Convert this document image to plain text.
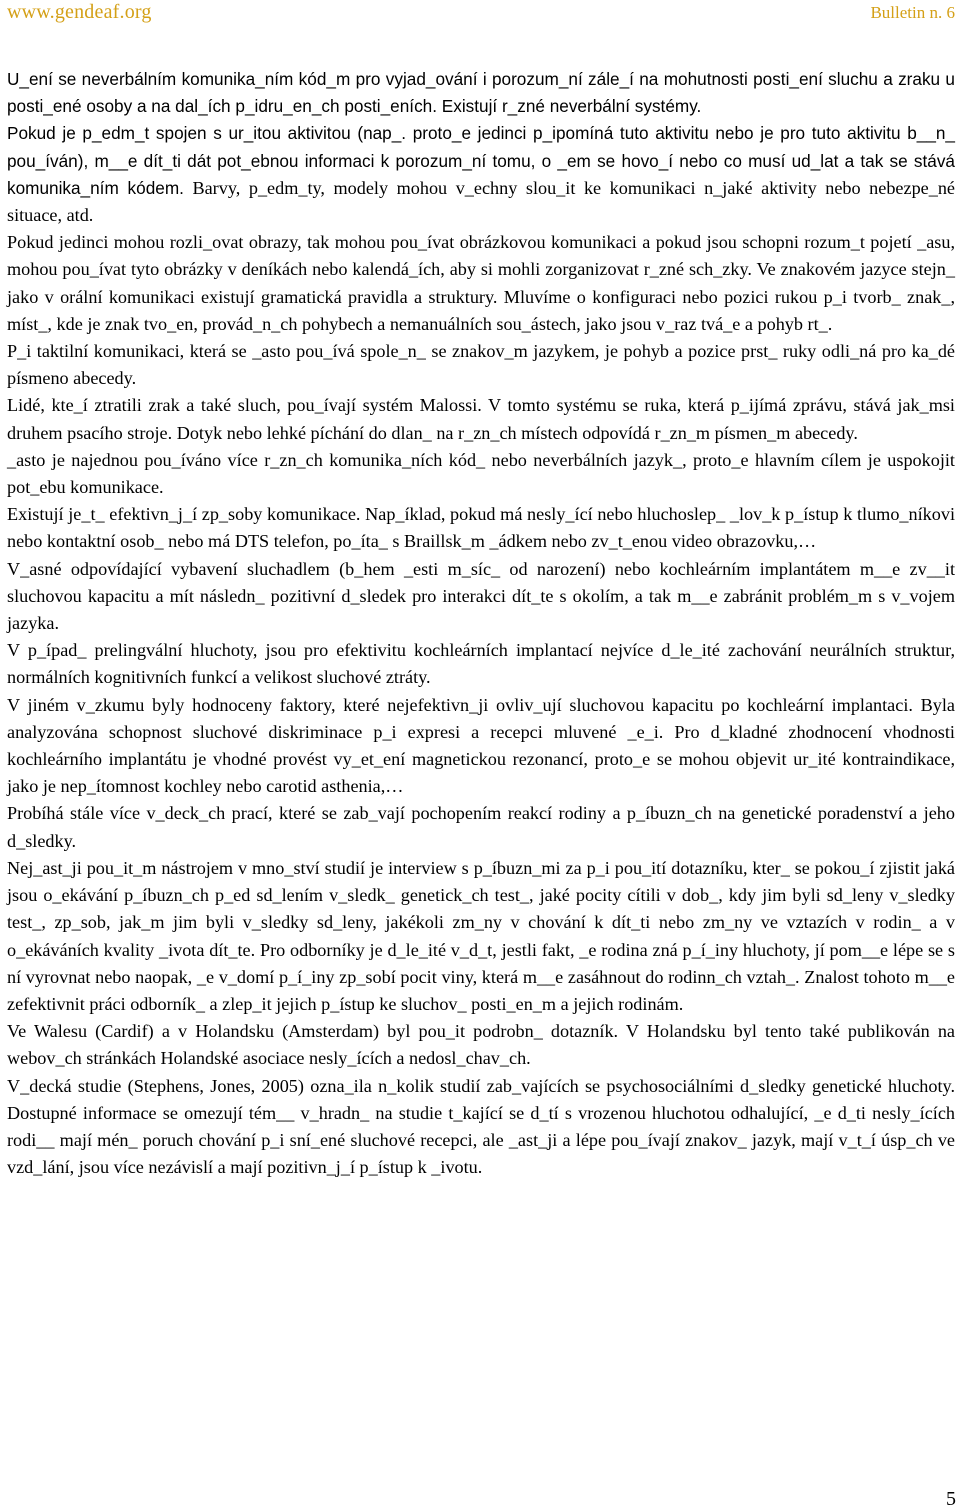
www.gendeaf.org	Bulletin n. 6

U_ení se neverbálním komunika_ním kód_m pro vyjad_ování i porozum_ní zále_í na mohutnosti posti_ení sluchu a zraku u posti_ené osoby a na dal_ích p_idru_en_ch posti_eních. Existují r_zné neverbální systémy.

Pokud je p_edm_t spojen s ur_itou aktivitou (nap_. proto_e jedinci p_ipomíná tuto aktivitu nebo je pro tuto aktivitu b__n_ pou_íván), m__e dít_ti dát pot_ebnou informaci k porozum_ní tomu, o _em se hovo_í nebo co musí ud_lat a tak se stává komunika_ním kódem. Barvy, p_edm_ty, modely mohou v_echny slou_it ke komunikaci n_jaké aktivity nebo nebezpe_né situace, atd.

Pokud jedinci mohou rozli_ovat obrazy, tak mohou pou_ívat obrázkovou komunikaci a pokud jsou schopni rozum_t pojetí _asu, mohou pou_ívat tyto obrázky v deníkách nebo kalendá_ích, aby si mohli zorganizovat r_zné sch_zky. Ve znakovém jazyce stejn_ jako v orální komunikaci existují gramatická pravidla a struktury. Mluvíme o konfiguraci nebo pozici rukou p_i tvorb_ znak_, míst_, kde je znak tvo_en, provád_n_ch pohybech a nemanuálních sou_ástech, jako jsou v_raz tvá_e a pohyb rt_.

P_i taktilní komunikaci, která se _asto pou_ívá spole_n_ se znakov_m jazykem, je pohyb a pozice prst_ ruky odli_ná pro ka_dé písmeno abecedy.

Lidé, kte_í ztratili zrak a také sluch, pou_ívají systém Malossi. V tomto systému se ruka, která p_ijímá zprávu, stává jak_msi druhem psacího stroje. Dotyk nebo lehké píchání do dlan_ na r_zn_ch místech odpovídá r_zn_m písmen_m abecedy.

_asto je najednou pou_íváno více r_zn_ch komunika_ních kód_ nebo neverbálních jazyk_, proto_e hlavním cílem je uspokojit pot_ebu komunikace.

Existují je_t_ efektivn_j_í zp_soby komunikace. Nap_íklad, pokud má nesly_ící nebo hluchoslep_ _lov_k p_ístup k tlumo_níkovi nebo kontaktní osob_ nebo má DTS telefon, po_íta_ s Braillsk_m _ádkem nebo zv_t_enou video obrazovku,…

V_asné odpovídající vybavení sluchadlem (b_hem _esti m_síc_ od narození) nebo kochleárním implantátem m__e zv__it sluchovou kapacitu a mít následn_ pozitivní d_sledek pro interakci dít_te s okolím, a tak m__e zabránit problém_m s v_vojem jazyka.

V p_ípad_ prelingvální hluchoty, jsou pro efektivitu kochleárních implantací nejvíce d_le_ité zachování neurálních struktur, normálních kognitivních funkcí a velikost sluchové ztráty.

V jiném v_zkumu byly hodnoceny faktory, které nejefektivn_ji ovliv_ují sluchovou kapacitu po kochleární implantaci. Byla analyzována schopnost sluchové diskriminace p_i expresi a recepci mluvené _e_i. Pro d_kladné zhodnocení vhodnosti kochleárního implantátu je vhodné provést vy_et_ení magnetickou rezonancí, proto_e se mohou objevit ur_ité kontraindikace, jako je nep_ítomnost kochley nebo carotid asthenia,…

Probíhá stále více v_deck_ch prací, které se zab_vají pochopením reakcí rodiny a p_íbuzn_ch na genetické poradenství a jeho d_sledky.

Nej_ast_ji pou_it_m nástrojem v mno_ství studií je interview s p_íbuzn_mi za p_i pou_ití dotazníku, kter_ se pokou_í zjistit jaká jsou o_ekávání p_íbuzn_ch p_ed sd_lením v_sledk_ genetick_ch test_, jaké pocity cítili v dob_, kdy jim byli sd_leny v_sledky test_, zp_sob, jak_m jim byli v_sledky sd_leny, jakékoli zm_ny v chování k dít_ti nebo zm_ny ve vztazích v rodin_ a v o_ekáváních kvality _ivota dít_te. Pro odborníky je d_le_ité v_d_t, jestli fakt, _e rodina zná p_í_iny hluchoty, jí pom__e lépe se s ní vyrovnat nebo naopak, _e v_domí p_í_iny zp_sobí pocit viny, která m__e zasáhnout do rodinn_ch vztah_. Znalost tohoto m__e zefektivnit práci odborník_ a zlep_it jejich p_ístup ke sluchov_ posti_en_m a jejich rodinám.

Ve Walesu (Cardif) a v Holandsku (Amsterdam) byl pou_it podrobn_ dotazník. V Holandsku byl tento také publikován na webov_ch stránkách Holandské asociace nesly_ících a nedosl_chav_ch.

V_decká studie (Stephens, Jones, 2005) ozna_ila n_kolik studií zab_vajících se psychosociálními d_sledky genetické hluchoty. Dostupné informace se omezují tém__ v_hradn_ na studie t_kající se d_tí s vrozenou hluchotou odhalující, _e d_ti nesly_ících rodi__ mají mén_ poruch chování p_i sní_ené sluchové recepci, ale _ast_ji a lépe pou_ívají znakov_ jazyk, mají v_t_í úsp_ch ve vzd_lání, jsou více nezávislí a mají pozitivn_j_í p_ístup k _ivotu.

5
